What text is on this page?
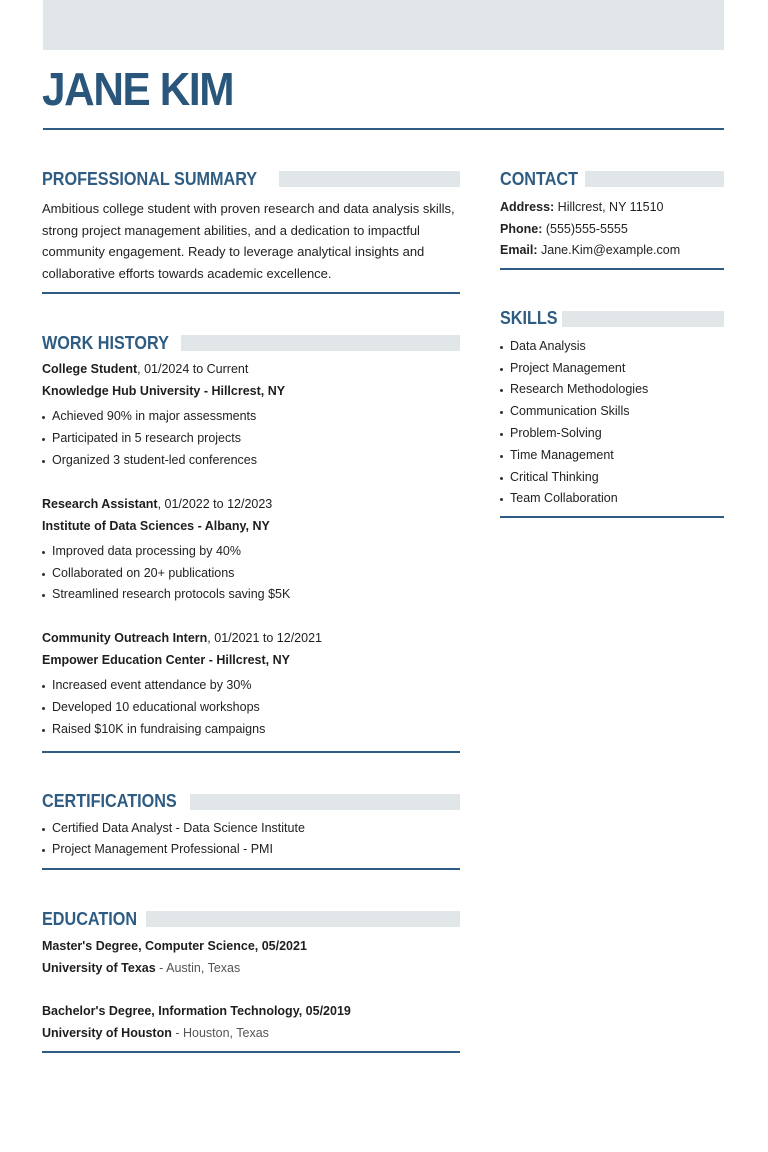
JANE KIM
PROFESSIONAL SUMMARY

Ambitious college student with proven research and data analysis skills, strong project management abilities, and a dedication to impactful community engagement. Ready to leverage analytical insights and collaborative efforts towards academic excellence.

WORK HISTORY
College Student, 01/2024 to Current
Knowledge Hub University - Hillcrest, NY
Achieved 90% in major assessments
Participated in 5 research projects
Organized 3 student-led conferences
Research Assistant, 01/2022 to 12/2023
Institute of Data Sciences - Albany, NY
Improved data processing by 40%
Collaborated on 20+ publications
Streamlined research protocols saving $5K
Community Outreach Intern, 01/2021 to 12/2021
Empower Education Center - Hillcrest, NY
Increased event attendance by 30%
Developed 10 educational workshops
Raised $10K in fundraising campaigns
CERTIFICATIONS
Certified Data Analyst - Data Science Institute
Project Management Professional - PMI
EDUCATION
Master's Degree, Computer Science, 05/2021
University of Texas - Austin, Texas
Bachelor's Degree, Information Technology, 05/2019
University of Houston - Houston, Texas
CONTACT
Address: Hillcrest, NY 11510
Phone: (555)555-5555
Email: Jane.Kim@example.com
SKILLS
Data Analysis
Project Management
Research Methodologies
Communication Skills
Problem-Solving
Time Management
Critical Thinking
Team Collaboration
